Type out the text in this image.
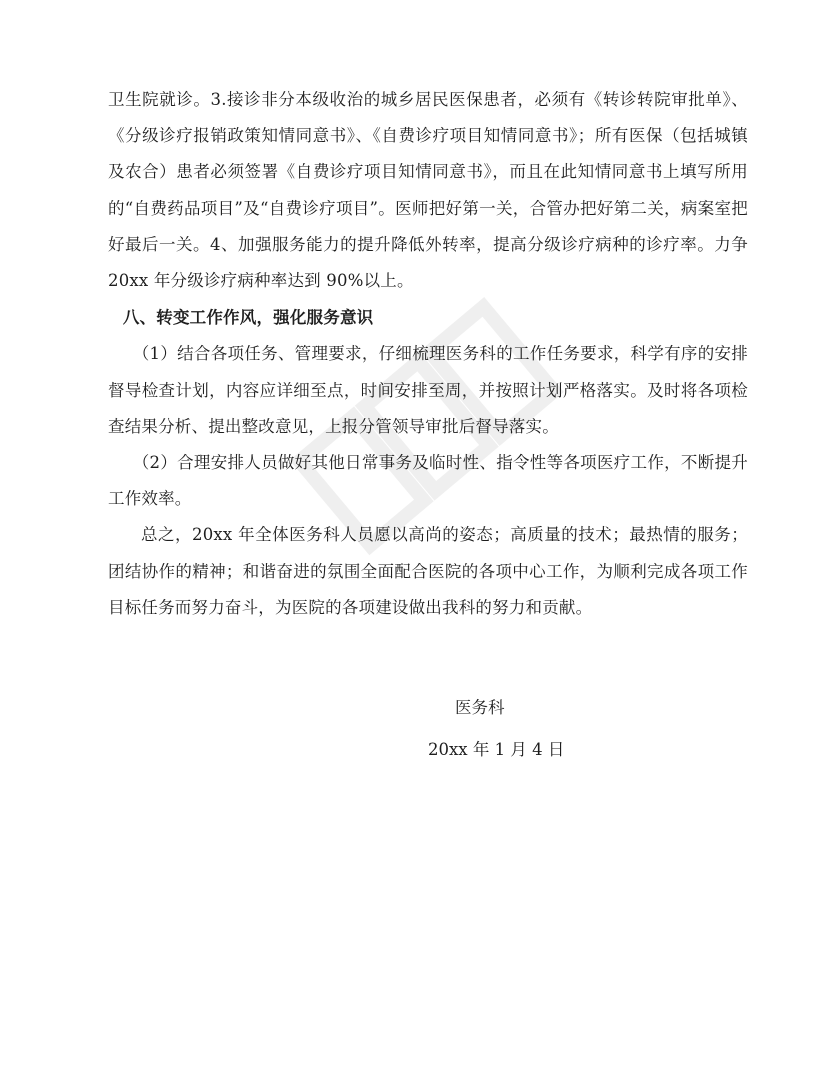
卫生院就诊。3.接诊非分本级收治的城乡居民医保患者，必须有《转诊转院审批单》、《分级诊疗报销政策知情同意书》、《自费诊疗项目知情同意书》；所有医保（包括城镇及农合）患者必须签署《自费诊疗项目知情同意书》，而且在此知情同意书上填写所用的“自费药品项目”及“自费诊疗项目”。医师把好第一关，合管办把好第二关，病案室把好最后一关。4、加强服务能力的提升降低外转率，提高分级诊疗病种的诊疗率。力争 20xx 年分级诊疗病种率达到 90%以上。

八、转变工作作风，强化服务意识

（1）结合各项任务、管理要求，仔细梳理医务科的工作任务要求，科学有序的安排督导检查计划，内容应详细至点，时间安排至周，并按照计划严格落实。及时将各项检查结果分析、提出整改意见，上报分管领导审批后督导落实。

（2）合理安排人员做好其他日常事务及临时性、指令性等各项医疗工作，不断提升工作效率。

总之，20xx 年全体医务科人员愿以高尚的姿态；高质量的技术；最热情的服务；团结协作的精神；和谐奋进的氛围全面配合医院的各项中心工作，为顺利完成各项工作目标任务而努力奋斗，为医院的各项建设做出我科的努力和贡献。

医务科
20xx 年 1 月 4 日
